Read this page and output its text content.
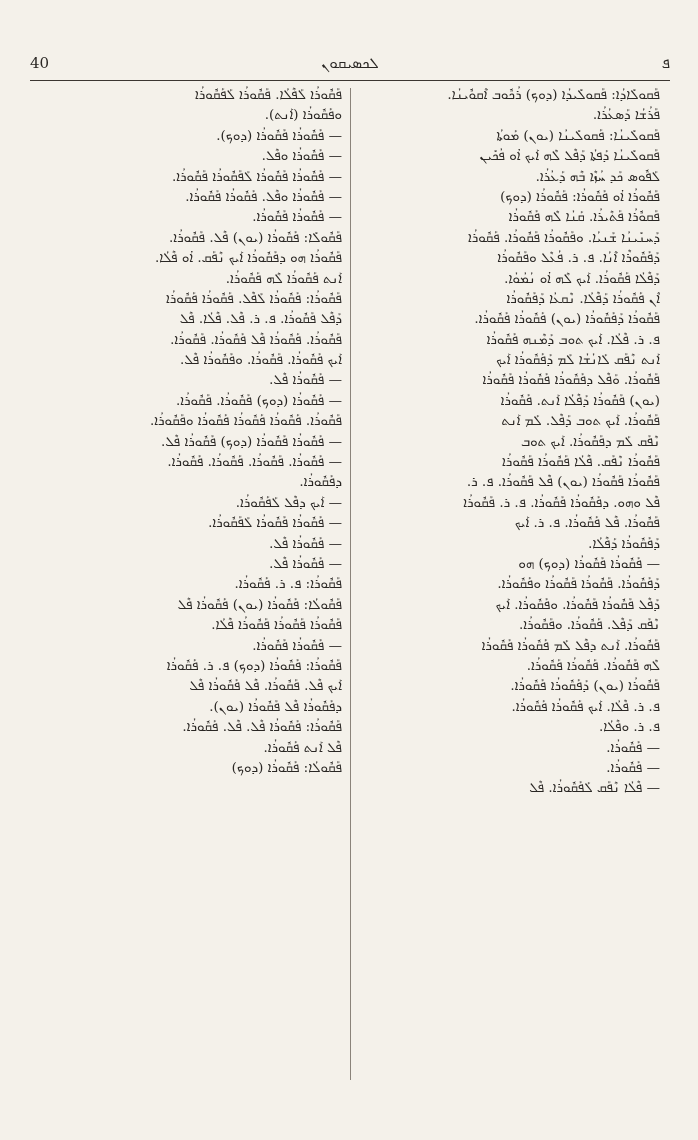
40	ܠܟܣܝܩܘܢ	ܦ
ܦܰܩܘܠܺܐܕܳܐ: ܦܰܩܘܠܺܝܕܳܐ (ܕܘܟ) ܪܳܟܽܘܒ ܐܶܩܘܽܝܢܳܐ.
ܦܰܪܳܫܳܐ ܕܰܣܥܳܪܳܐ.
ܦܰܩܘܠܺܝܢܳܐ: ܦܰܩܘܠܺܝܢܳܐ (ܝܘܢ) ܡܰܘܬܳܐ
ܦܰܩܘܠܺܝܢܳܐ ܕܰܦܬܳܐ ܕܰܦܶܠ ܠܶܗ ܐܰܝܟ ܐܳܘ ܦܳܟܺܝܢ
ܠܰܦܽܘܣ ܟܰܕ ܚܳܙܶܐ ܒܶܗ ܕܰܥܳܪܳܐ.
ܦܰܩܽܘܪܳܐ ܐܳܘ ܦܰܩܽܘܪܳܐ: ܦܰܩܽܘܪܳܐ (ܕܘܟ)
ܦܰܩܘܽܪܳܐ ܦܰܬܶܝܪܳܐ. ܩܰܢܳܐ ܠܶܗ ܦܰܩܽܘܪܳܐ
ܕܰܚܢܺܝܢܳܐ ܫܰܢܝܳܐ. ܘܦܰܩܽܘܪܳܐ ܦܰܩܽܘܪܳܐ. ܦܰܩܽܘܪܳܐ
ܕܰܦܰܩܽܘܪܶܐ ܐܶܢܳܐ. ܦ. ܪ. ܦܳܥܶܠ ܘܦܰܩܽܘܪܳܐ
ܕܰܦܶܠܳܐ ܦܰܩܽܘܪܳܐ. ܐܰܝܟ ܠܶܗ ܐܳܘ ܢܳܡܳܘܳܐ.
ܐܶܢ ܦܰܩܽܘܪܳܐ ܕܰܦܶܠܳܐ. ܢܶܩܥܳܐ ܕܰܦܰܩܽܘܪܳܐ
ܦܰܩܽܘܪܳܐ ܕܰܦܰܩܽܘܪܳܐ (ܝܘܢ) ܦܰܩܽܘܪܳܐ ܦܰܩܽܘܪܳܐ.
ܦ. ܪ. ܦܶܠܳܐ. ܐܰܝܟ ܬܘܒ ܕܰܡܶܢܗ ܦܰܩܽܘܪܳܐ
ܐܰܢܬ ܢܶܦܰܩ ܠܰܐܢܳܫܳܐ ܠܰܡ ܕܰܦܰܩܽܘܪܳܐ ܐܰܝܟ
ܦܰܩܽܘܪܳܐ. ܘܰܦܶܠ ܕܦܰܩܽܘܪܳܐ ܦܰܩܽܘܪܳܐ ܦܰܩܽܘܪܳܐ
(ܝܘܢ) ܦܰܩܽܘܪܳܐ ܕܰܦܶܠܳܐ ܐܰܢܬ. ܦܰܩܽܘܪܳܐ
ܦܰܩܽܘܪܳܐ. ܐܰܝܟ ܬܘܒ ܕܰܦܶܠ. ܠܰܡ ܐܰܢܬ
ܢܶܦܰܩ ܠܰܡ ܕܦܰܩܽܘܪܳܐ. ܐܰܝܟ ܬܘܒ
ܦܰܩܽܘܪܳܐ ܢܶܦܰܩ. ܦܶܠܳܐ ܦܰܩܽܘܪܳܐ ܦܰܩܽܘܪܳܐ
ܦܰܩܽܘܪܳܐ ܦܰܩܽܘܪܳܐ (ܝܘܢ) ܦܶܠ ܦܰܩܽܘܪܳܐ. ܦ. ܪ.
ܦܶܠ ܘܗܘ. ܕܦܰܩܽܘܪܳܐ ܦܰܩܽܘܪܳܐ. ܦ. ܪ. ܦܰܩܽܘܪܳܐ
ܦܰܩܽܘܪܳܐ. ܦܶܠ ܦܰܩܽܘܪܳܐ. ܦ. ܪ. ܐܰܝܟ
ܕܰܦܰܩܽܘܪܳܐ ܕܰܦܶܠܳܐ.
— ܦܰܩܽܘܪܳܐ ܦܰܩܽܘܪܳܐ (ܕܘܟ) ܗܘ
ܕܰܦܰܩܽܘܪܳܐ. ܦܰܩܽܘܪܳܐ ܦܰܩܽܘܪܳܐ ܘܦܰܩܽܘܪܳܐ.
ܕܰܦܶܠ ܦܰܩܽܘܪܳܐ ܦܰܩܽܘܪܳܐ. ܘܦܰܩܽܘܪܳܐ. ܐܰܝܟ
ܢܶܦܰܩ ܕܰܦܶܠ. ܦܰܩܽܘܪܳܐ. ܘܦܰܩܽܘܪܳܐ.
ܦܰܩܽܘܪܳܐ. ܐܰܢܬ ܕܦܶܠ ܠܰܡ ܦܰܩܽܘܪܳܐ ܦܰܩܽܘܪܳܐ
ܠܶܗ ܦܰܩܽܘܪܳܐ. ܦܰܩܽܘܪܳܐ ܦܰܩܽܘܪܳܐ.
ܦܰܩܽܘܪܳܐ (ܝܘܢ) ܕܰܦܰܩܽܘܪܳܐ ܦܰܩܽܘܪܳܐ.
ܦ. ܪ. ܦܶܠܳܐ. ܐܰܝܟ ܦܰܩܽܘܪܳܐ ܦܰܩܽܘܪܳܐ.
ܦ. ܪ. ܘܦܶܠܳܐ.
— ܦܰܩܽܘܪܳܐ.
— ܦܰܩܽܘܪܳܐ.
— ܦܶܠܳܐ ܢܶܦܰܩ ܠܰܦܰܩܽܘܪܳܐ. ܦܶܠ
ܦܰܩܽܘܪܳܐ ܠܰܦܶܠܳܐ. ܦܰܩܽܘܪܳܐ ܠܰܦܰܩܽܘܪܳܐ
ܘܦܰܩܽܘܪܳܐ (ܐܰܢܬ).
— ܦܰܩܽܘܪܳܐ ܦܰܩܽܘܪܳܐ (ܕܘܟ).
— ܦܰܩܽܘܪܳܐ ܘܦܶܠ.
— ܦܰܩܽܘܪܳܐ ܦܰܩܽܘܪܳܐ ܠܰܦܰܩܽܘܪܳܐ ܦܰܩܽܘܪܳܐ.
— ܦܰܩܽܘܪܳܐ ܘܦܶܠ. ܦܰܩܽܘܪܳܐ ܦܰܩܽܘܪܳܐ.
— ܦܰܩܽܘܪܳܐ ܦܰܩܽܘܪܳܐ.
ܦܰܩܽܘܠܺܐ: ܦܰܩܽܘܪܳܐ (ܝܘܢ) ܦܶܠ. ܦܰܩܽܘܪܳܐ.
ܦܰܩܽܘܪܳܐ ܗܘ ܕܦܰܩܽܘܪܳܐ ܐܰܝܟ ܢܶܦܰܩ. ܐܳܘ ܦܶܠܳܐ.
ܐܰܢܬ ܦܰܩܽܘܪܳܐ ܠܶܗ ܦܰܩܽܘܪܳܐ.
ܦܰܩܽܘܪܳܐ: ܦܰܩܽܘܪܳܐ ܠܰܦܶܠ. ܦܰܩܽܘܪܳܐ ܦܰܩܽܘܪܳܐ
ܕܰܦܶܠ ܦܰܩܽܘܪܳܐ. ܦ. ܪ. ܦܶܠ. ܦܶܠܳܐ. ܦܶܠ
ܦܰܩܽܘܪܳܐ. ܦܰܩܽܘܪܳܐ ܦܶܠ ܦܰܩܽܘܪܳܐ. ܦܰܩܽܘܪܳܐ.
ܐܰܝܟ ܦܰܩܽܘܪܳܐ. ܦܰܩܽܘܪܳܐ. ܘܦܰܩܽܘܪܳܐ ܦܶܠ.
— ܦܰܩܽܘܪܳܐ ܦܶܠ.
— ܦܰܩܽܘܪܳܐ (ܕܘܟ) ܦܰܩܽܘܪܳܐ. ܦܰܩܽܘܪܳܐ.
ܦܰܩܽܘܪܳܐ. ܦܰܩܽܘܪܳܐ ܦܰܩܽܘܪܳܐ ܦܰܩܽܘܪܳܐ ܘܦܰܩܽܘܪܳܐ.
— ܦܰܩܽܘܪܳܐ ܦܰܩܽܘܪܳܐ (ܕܘܟ) ܦܰܩܽܘܪܳܐ ܦܶܠ.
— ܦܰܩܽܘܪܳܐ. ܦܰܩܽܘܪܳܐ. ܦܰܩܽܘܪܳܐ. ܦܰܩܽܘܪܳܐ.
ܕܦܰܩܽܘܪܳܐ.
— ܐܰܝܟ ܕܦܶܠ ܠܰܦܰܩܽܘܪܳܐ.
— ܦܰܩܽܘܪܳܐ ܦܰܩܽܘܪܳܐ ܠܰܦܰܩܽܘܪܳܐ.
— ܦܰܩܽܘܪܳܐ ܦܶܠ.
— ܦܰܩܽܘܪܳܐ ܦܶܠ.
ܦܰܩܽܘܪܳܐ: ܦ. ܪ. ܦܰܩܽܘܪܳܐ.
ܦܰܩܽܘܠܳܐ: ܦܰܩܽܘܪܳܐ (ܝܘܢ) ܦܰܩܽܘܪܳܐ ܦܶܠ
ܦܰܩܽܘܪܳܐ ܦܰܩܽܘܪܳܐ ܦܰܩܽܘܪܳܐ ܦܶܠܳܐ.
— ܦܰܩܽܘܪܳܐ ܦܰܩܽܘܪܳܐ.
ܦܰܩܽܘܪܳܐ: ܦܰܩܽܘܪܳܐ (ܕܘܟ) ܦ. ܪ. ܦܰܩܽܘܪܳܐ
ܐܰܝܟ ܦܶܠ. ܦܰܩܽܘܪܳܐ. ܦܶܠ ܦܰܩܽܘܪܳܐ ܦܶܠ
ܕܦܰܩܽܘܪܳܐ ܦܶܠ ܦܰܩܽܘܪܳܐ (ܝܘܢ).
ܦܰܩܽܘܪܳܐ: ܦܰܩܽܘܪܳܐ ܦܶܠ. ܦܶܠ. ܦܰܩܽܘܪܳܐ.
ܦܶܠ ܐܰܢܬ ܦܰܩܽܘܪܳܐ.
ܦܰܩܽܘܠܳܐ: ܦܰܩܽܘܪܳܐ (ܕܘܟ)
